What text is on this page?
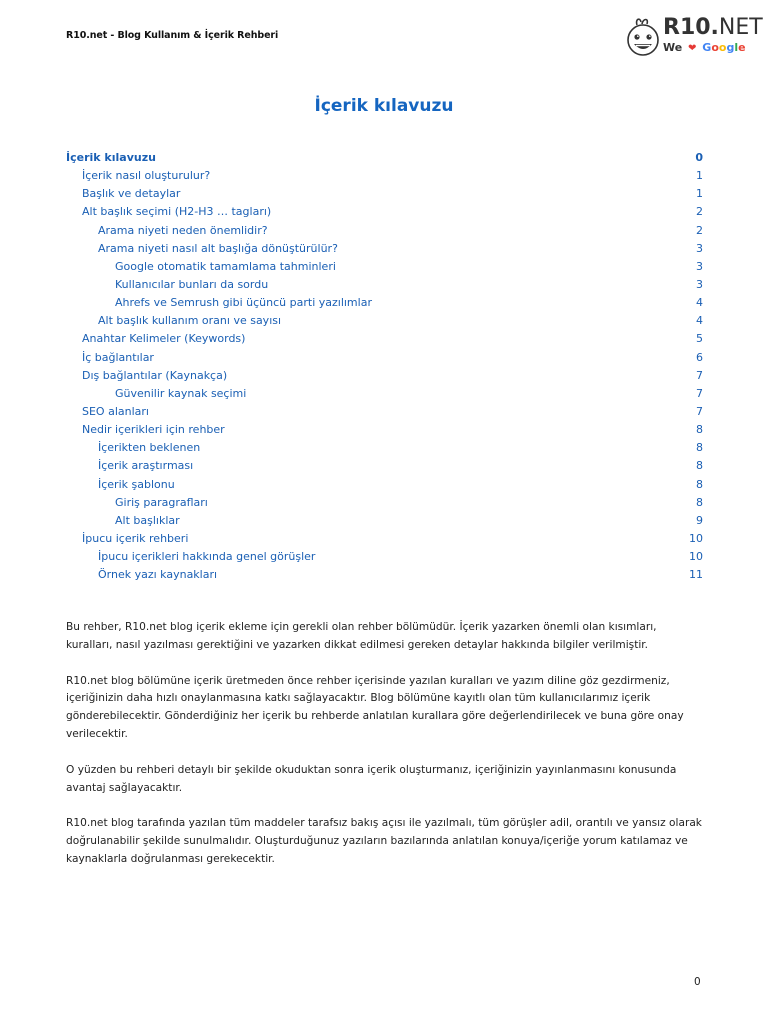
R10.net - Blog Kullanım & İçerik Rehberi	R10.NET
We ❤ Google
İçerik kılavuzu
İçerik kılavuzu	0
İçerik nasıl oluşturulur?	1
Başlık ve detaylar	1
Alt başlık seçimi (H2-H3 … tagları)	2
Arama niyeti neden önemlidir?	2
Arama niyeti nasıl alt başlığa dönüştürülür?	3
Google otomatik tamamlama tahminleri	3
Kullanıcılar bunları da sordu	3
Ahrefs ve Semrush gibi üçüncü parti yazılımlar	4
Alt başlık kullanım oranı ve sayısı	4
Anahtar Kelimeler (Keywords)	5
İç bağlantılar	6
Dış bağlantılar (Kaynakça)	7
Güvenilir kaynak seçimi	7
SEO alanları	7
Nedir içerikleri için rehber	8
İçerikten beklenen	8
İçerik araştırması	8
İçerik şablonu	8
Giriş paragrafları	8
Alt başlıklar	9
İpucu içerik rehberi	10
İpucu içerikleri hakkında genel görüşler	10
Örnek yazı kaynakları	11

Bu rehber, R10.net blog içerik ekleme için gerekli olan rehber bölümüdür. İçerik yazarken önemli olan kısımları, kuralları, nasıl yazılması gerektiğini ve yazarken dikkat edilmesi gereken detaylar hakkında bilgiler verilmiştir.

R10.net blog bölümüne içerik üretmeden önce rehber içerisinde yazılan kuralları ve yazım diline göz gezdirmeniz, içeriğinizin daha hızlı onaylanmasına katkı sağlayacaktır. Blog bölümüne kayıtlı olan tüm kullanıcılarımız içerik gönderebilecektir. Gönderdiğiniz her içerik bu rehberde anlatılan kurallara göre değerlendirilecek ve buna göre onay verilecektir.

O yüzden bu rehberi detaylı bir şekilde okuduktan sonra içerik oluşturmanız, içeriğinizin yayınlanmasını konusunda avantaj sağlayacaktır.

R10.net blog tarafında yazılan tüm maddeler tarafsız bakış açısı ile yazılmalı, tüm görüşler adil, orantılı ve yansız olarak doğrulanabilir şekilde sunulmalıdır. Oluşturduğunuz yazıların bazılarında anlatılan konuya/içeriğe yorum katılamaz ve kaynaklarla doğrulanması gerekecektir.

0
